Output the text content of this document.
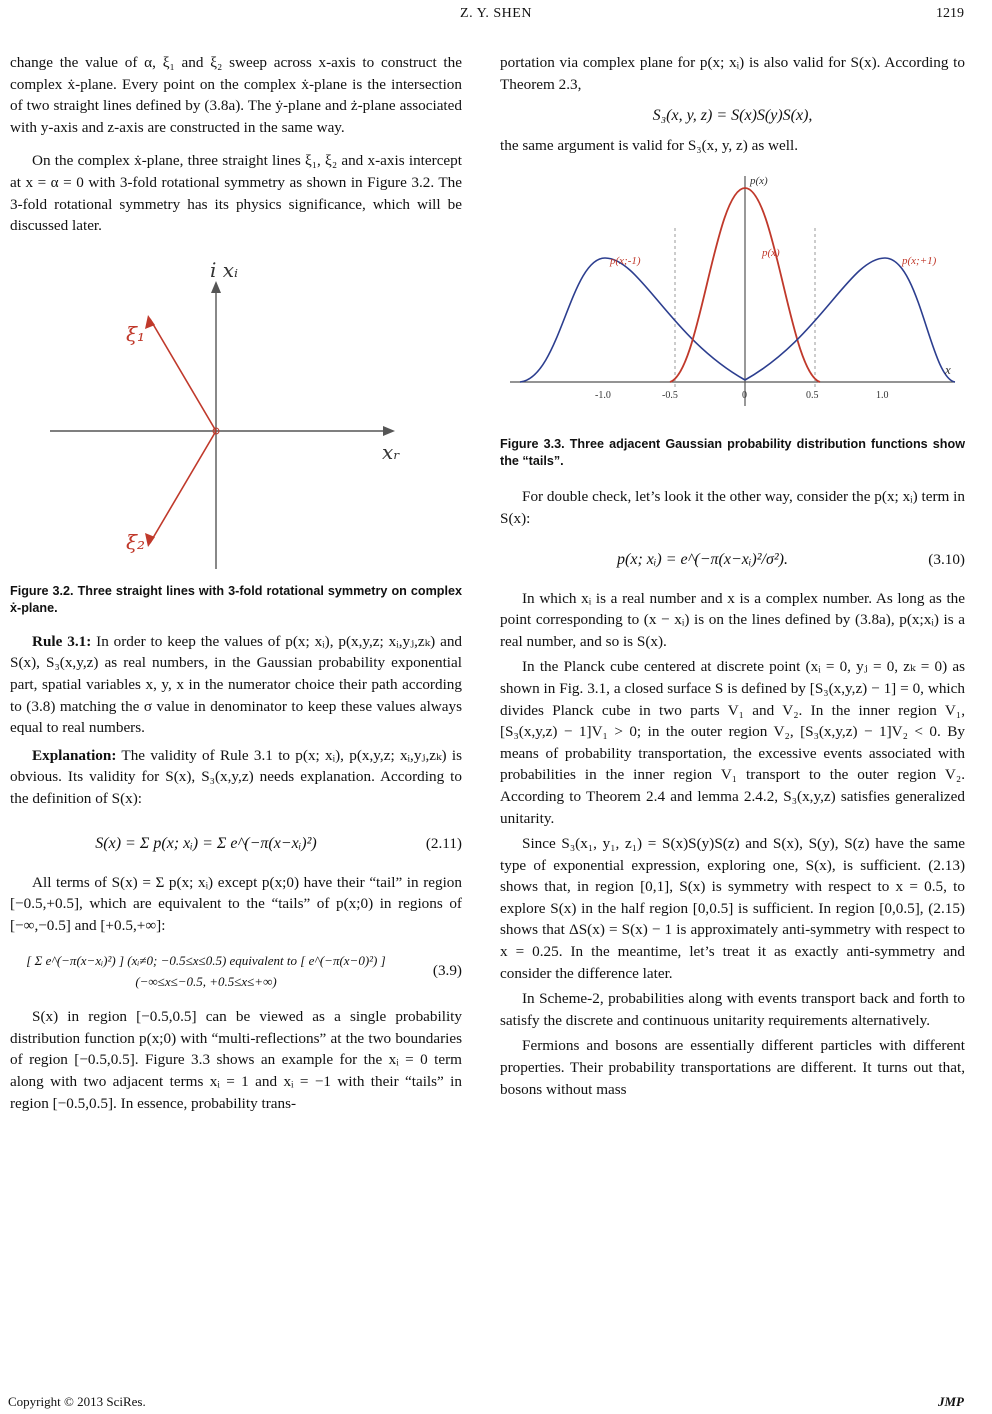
Z. Y. SHEN	1219

change the value of α, ξ₁ and ξ₂ sweep across x-axis to construct the complex ẋ-plane. Every point on the complex ẋ-plane is the intersection of two straight lines defined by (3.8a). The ẏ-plane and ż-plane associated with y-axis and z-axis are constructed in the same way.

On the complex ẋ-plane, three straight lines ξ₁, ξ₂ and x-axis intercept at x = α = 0 with 3-fold rotational symmetry as shown in Figure 3.2. The 3-fold rotational symmetry has its physics significance, which will be discussed later.

i xᵢ
xᵣ
ξ₁
ξ₂

Figure 3.2. Three straight lines with 3-fold rotational symmetry on complex ẋ-plane.

Rule 3.1: In order to keep the values of p(x; xᵢ), p(x,y,z; xᵢ,yⱼ,zₖ) and S(x), S₃(x,y,z) as real numbers, in the Gaussian probability exponential part, spatial variables x, y, x in the numerator choice their path according to (3.8) matching the σ value in denominator to keep these values always equal to real numbers.

Explanation: The validity of Rule 3.1 to p(x; xᵢ), p(x,y,z; xᵢ,yⱼ,zₖ) is obvious. Its validity for S(x), S₃(x,y,z) needs explanation. According to the definition of S(x):

S(x) = Σ p(x; xᵢ) = Σ e^(−π(x−xᵢ)²)	(2.11)

All terms of S(x) = Σ p(x; xᵢ) except p(x;0) have their “tail” in region [−0.5,+0.5], which are equivalent to the “tails” of p(x;0) in regions of [−∞,−0.5] and [+0.5,+∞]:

[ Σ e^(−π(x−xᵢ)²) ] (xᵢ≠0; −0.5≤x≤0.5) equivalent to [ e^(−π(x−0)²) ] (−∞≤x≤−0.5, +0.5≤x≤+∞)
(3.9)

S(x) in region [−0.5,0.5] can be viewed as a single probability distribution function p(x;0) with “multi-reflections” at the two boundaries of region [−0.5,0.5]. Figure 3.3 shows an example for the xᵢ = 0 term along with two adjacent terms xᵢ = 1 and xᵢ = −1 with their “tails” in region [−0.5,0.5]. In essence, probability trans-

portation via complex plane for p(x; xᵢ) is also valid for S(x). According to Theorem 2.3,

S₃(x, y, z) = S(x)S(y)S(x),

the same argument is valid for S₃(x, y, z) as well.

p(x)
x
p(x;-1)
p(x)
p(x;+1)
-1.0	-0.5	0	0.5	1.0

Figure 3.3. Three adjacent Gaussian probability distribution functions show the “tails”.

For double check, let’s look it the other way, consider the p(x; xᵢ) term in S(x):

p(x; xᵢ) = e^(−π(x−xᵢ)²/σ²).	(3.10)

In which xᵢ is a real number and x is a complex number. As long as the point corresponding to (x − xᵢ) is on the lines defined by (3.8a), p(x;xᵢ) is a real number, and so is S(x).

In the Planck cube centered at discrete point (xᵢ = 0, yⱼ = 0, zₖ = 0) as shown in Fig. 3.1, a closed surface S is defined by [S₃(x,y,z) − 1] = 0, which divides Planck cube in two parts V₁ and V₂. In the inner region V₁, [S₃(x,y,z) − 1]V₁ > 0; in the outer region V₂, [S₃(x,y,z) − 1]V₂ < 0. By means of probability transportation, the excessive events associated with probabilities in the inner region V₁ transport to the outer region V₂. According to Theorem 2.4 and lemma 2.4.2, S₃(x,y,z) satisfies generalized unitarity.

Since S₃(x₁, y₁, z₁) = S(x)S(y)S(z) and S(x), S(y), S(z) have the same type of exponential expression, exploring one, S(x), is sufficient. (2.13) shows that, in region [0,1], S(x) is symmetry with respect to x = 0.5, to explore S(x) in the half region [0,0.5] is sufficient. In region [0,0.5], (2.15) shows that ΔS(x) = S(x) − 1 is approximately anti-symmetry with respect to x = 0.25. In the meantime, let’s treat it as exactly anti-symmetry and consider the difference later.

In Scheme-2, probabilities along with events transport back and forth to satisfy the discrete and continuous unitarity requirements alternatively.

Fermions and bosons are essentially different particles with different properties. Their probability transportations are different. It turns out that, bosons without mass

Copyright © 2013 SciRes.	JMP
